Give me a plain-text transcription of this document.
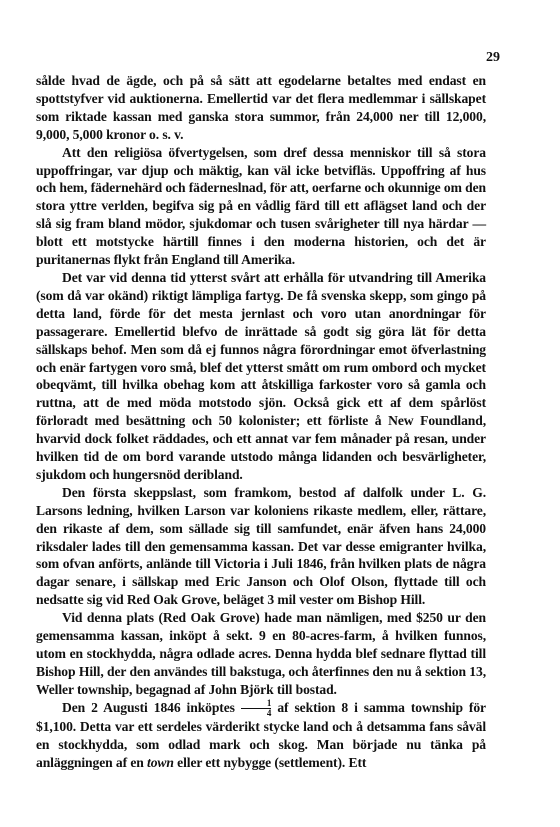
29

sålde hvad de ägde, och på så sätt att egodelarne betaltes med endast en spottstyfver vid auktionerna. Emellertid var det flera medlemmar i sällskapet som riktade kassan med ganska stora summor, från 24,000 ner till 12,000, 9,000, 5,000 kronor o. s. v.

Att den religiösa öfvertygelsen, som dref dessa menniskor till så stora uppoffringar, var djup och mäktig, kan väl icke betvifläs. Uppoffring af hus och hem, fädernehärd och fäderneslnad, för att, oerfarne och okunnige om den stora yttre verlden, begifva sig på en vådlig färd till ett aflägset land och der slå sig fram bland mödor, sjukdomar och tusen svårigheter till nya härdar — blott ett motstycke härtill finnes i den moderna historien, och det är puritanernas flykt från England till Amerika.

Det var vid denna tid ytterst svårt att erhålla för utvandring till Amerika (som då var okänd) riktigt lämpliga fartyg. De få svenska skepp, som gingo på detta land, förde för det mesta jernlast och voro utan anordningar för passagerare. Emellertid blefvo de inrättade så godt sig göra lät för detta sällskaps behof. Men som då ej funnos några förordningar emot öfverlastning och enär fartygen voro små, blef det ytterst smått om rum ombord och mycket obeqvämt, till hvilka obehag kom att åtskilliga farkoster voro så gamla och ruttna, att de med möda motstodo sjön. Också gick ett af dem spårlöst förloradt med besättning och 50 kolonister; ett förliste å New Foundland, hvarvid dock folket räddades, och ett annat var fem månader på resan, under hvilken tid de om bord varande utstodo många lidanden och besvärligheter, sjukdom och hungersnöd deribland.

Den första skeppslast, som framkom, bestod af dalfolk under L. G. Larsons ledning, hvilken Larson var koloniens rikaste medlem, eller, rättare, den rikaste af dem, som sällade sig till samfundet, enär äfven hans 24,000 riksdaler lades till den gemensamma kassan. Det var desse emigranter hvilka, som ofvan anförts, anlände till Victoria i Juli 1846, från hvilken plats de några dagar senare, i sällskap med Eric Janson och Olof Olson, flyttade till och nedsatte sig vid Red Oak Grove, beläget 3 mil vester om Bishop Hill.

Vid denna plats (Red Oak Grove) hade man nämligen, med $250 ur den gemensamma kassan, inköpt å sekt. 9 en 80-acres-farm, å hvilken funnos, utom en stockhydda, några odlade acres. Denna hydda blef sednare flyttad till Bishop Hill, der den användes till bakstuga, och återfinnes den nu å sektion 13, Weller township, begagnad af John Björk till bostad.

Den 2 Augusti 1846 inköptes $\frac{1}{4}$ af sektion 8 i samma township för $1,100. Detta var ett serdeles värderikt stycke land och å detsamma fans såväl en stockhydda, som odlad mark och skog. Man började nu tänka på anläggningen af en town eller ett nybygge (settlement). Ett
